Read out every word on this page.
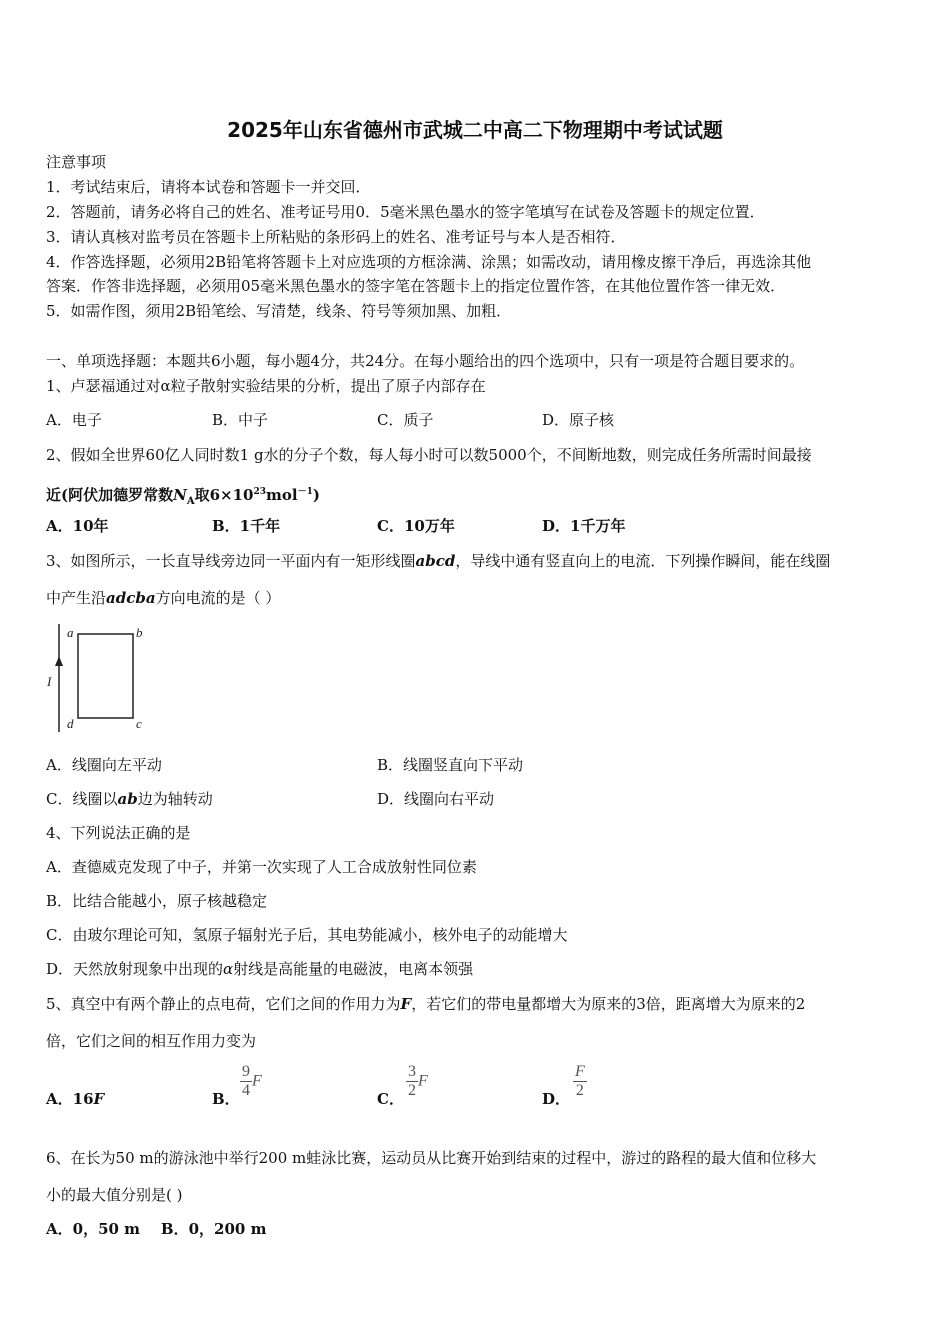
2025年山东省德州市武城二中高二下物理期中考试试题
注意事项
1．考试结束后，请将本试卷和答题卡一并交回．
2．答题前，请务必将自己的姓名、准考证号用0．5毫米黑色墨水的签字笔填写在试卷及答题卡的规定位置．
3．请认真核对监考员在答题卡上所粘贴的条形码上的姓名、准考证号与本人是否相符．
4．作答选择题，必须用2B铅笔将答题卡上对应选项的方框涂满、涂黑；如需改动，请用橡皮擦干净后，再选涂其他
答案．作答非选择题，必须用05毫米黑色墨水的签字笔在答题卡上的指定位置作答，在其他位置作答一律无效．
5．如需作图，须用2B铅笔绘、写清楚，线条、符号等须加黑、加粗．
一、单项选择题：本题共6小题，每小题4分，共24分。在每小题给出的四个选项中，只有一项是符合题目要求的。
1、卢瑟福通过对α粒子散射实验结果的分析，提出了原子内部存在
A．电子	B．中子	C．质子	D．原子核
2、假如全世界60亿人同时数1 g水的分子个数，每人每小时可以数5000个，不间断地数，则完成任务所需时间最接
近(阿伏加德罗常数$N_A$取$6\times 10^{23}mol^{-1}$)
A．10年	B．1千年	C．10万年	D．1千万年
3、如图所示，一长直导线旁边同一平面内有一矩形线圈abcd，导线中通有竖直向上的电流．下列操作瞬间，能在线圈
中产生沿adcba方向电流的是（ ）
I
a	b
c
d
A．线圈向左平动	B．线圈竖直向下平动
C．线圈以ab边为轴转动	D．线圈向右平动
4、下列说法正确的是
A．查德威克发现了中子，并第一次实现了人工合成放射性同位素
B．比结合能越小，原子核越稳定
C．由玻尔理论可知，氢原子辐射光子后，其电势能减小，核外电子的动能增大
D．天然放射现象中出现的α射线是高能量的电磁波，电离本领强
5、真空中有两个静止的点电荷，它们之间的作用力为F，若它们的带电量都增大为原来的3倍，距离增大为原来的2
倍，它们之间的相互作用力变为
A．16F	B． $\frac{9}{4}$ F
C． $\frac{3}{2}$ F
D． $\frac{F}{2}$
6、在长为50 m的游泳池中举行200 m蛙泳比赛，运动员从比赛开始到结束的过程中，游过的路程的最大值和位移大
小的最大值分别是( )
A．0，50 m    B．0，200 m
